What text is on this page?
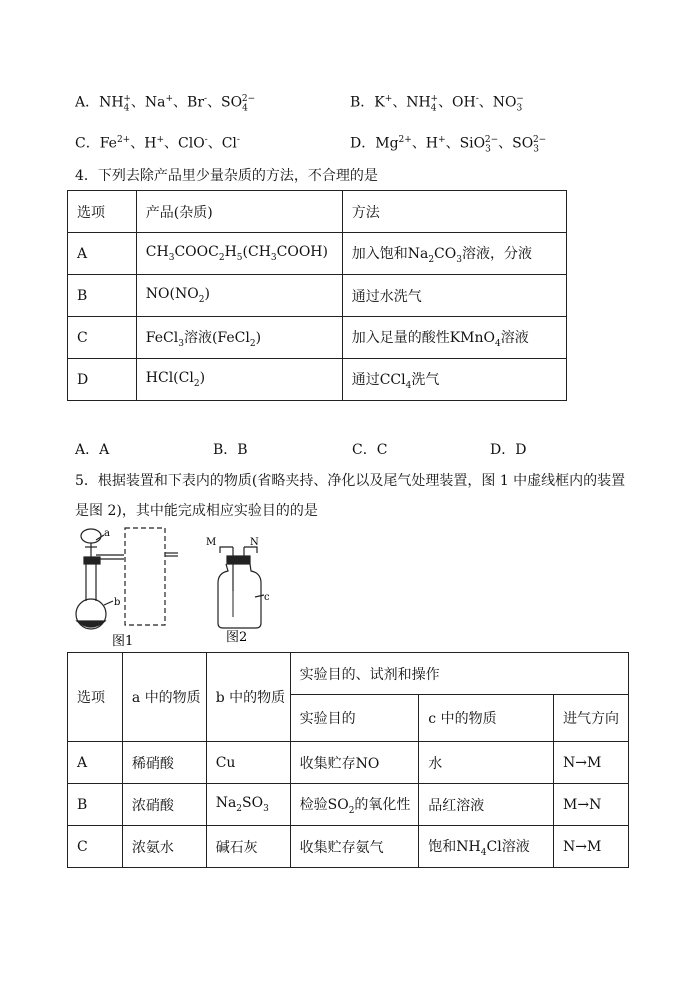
A．$NH_4^+$、Na+、Br-、$SO_4^{2-}$	B．K+、$NH_4^+$、OH-、$NO_3^-$
C．$Fe^{2+}$、H+、ClO-、Cl-	D．$Mg^{2+}$、H+、SiO$_3^{2-}$、$SO_3^{2-}$
4．下列去除产品里少量杂质的方法，不合理的是
选项	产品(杂质)	方法
A	$CH_3COOC_2H_5(CH_3COOH)$	加入饱和$Na_2CO_3$溶液，分液
B	$NO(NO_2)$	通过水洗气
C	FeCl$_3$溶液(FeCl$_2$)	加入足量的酸性KMnO$_4$溶液
D	$HCl(Cl_2)$	通过CCl$_4$洗气
A．A	B．B	C．C	D．D
5．根据装置和下表内的物质(省略夹持、净化以及尾气处理装置，图 1 中虚线框内的装置
是图 2)，其中能完成相应实验目的的是
a
b
图1
M	N
c
图2
选项	a 中的物质	b 中的物质	实验目的、试剂和操作		
			实验目的	c 中的物质	进气方向
A	稀硝酸	Cu	收集贮存NO	水	N→M
B	浓硝酸	$Na_2SO_3$	检验$SO_2$的氧化性	品红溶液	M→N
C	浓氨水	碱石灰	收集贮存氨气	饱和$NH_4Cl$溶液	N→M
